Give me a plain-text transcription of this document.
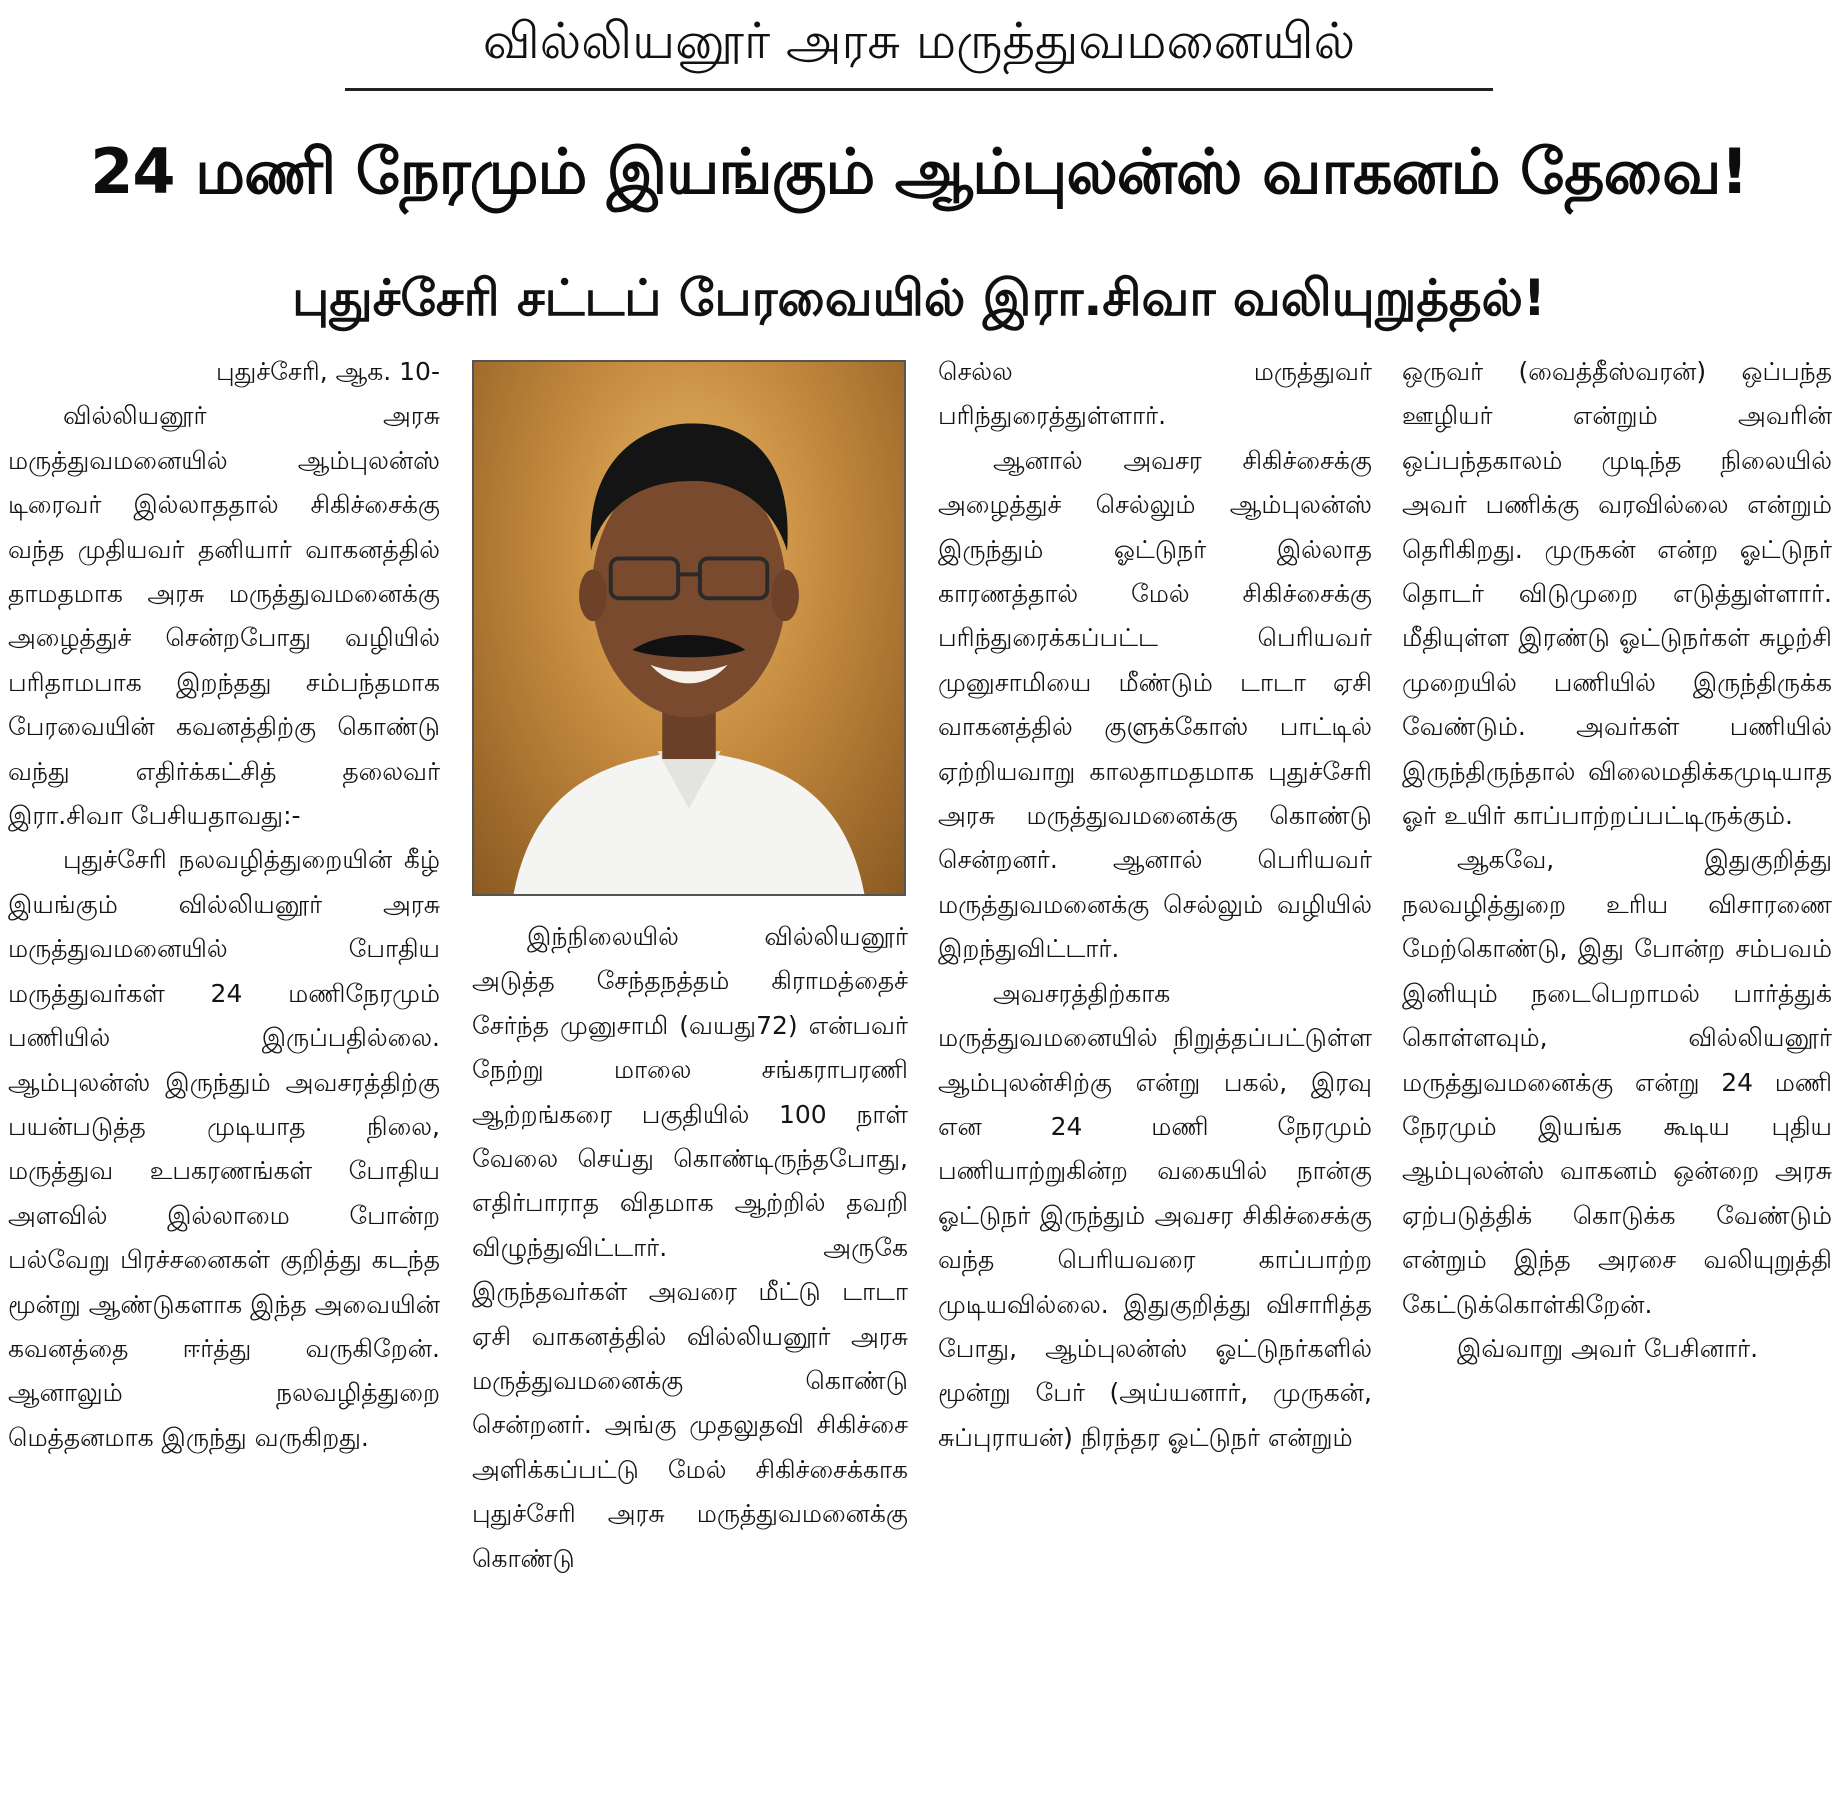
வில்லியனூர் அரசு மருத்துவமனையில்
24 மணி நேரமும் இயங்கும் ஆம்புலன்ஸ் வாகனம் தேவை!
புதுச்சேரி சட்டப் பேரவையில் இரா.சிவா வலியுறுத்தல்!

புதுச்சேரி, ஆக. 10-

வில்லியனூர் அரசு மருத்துவமனையில் ஆம்புலன்ஸ் டிரைவர் இல்லாததால் சிகிச்சைக்கு வந்த முதியவர் தனியார் வாகனத்தில் தாமதமாக அரசு மருத்துவமனைக்கு அழைத்துச் சென்றபோது வழியில் பரிதாமபாக இறந்தது சம்பந்தமாக பேரவையின் கவனத்திற்கு கொண்டு வந்து எதிர்க்கட்சித் தலைவர் இரா.சிவா பேசியதாவது:-

புதுச்சேரி நலவழித்துறையின் கீழ் இயங்கும் வில்லியனூர் அரசு மருத்துவமனையில் போதிய மருத்துவர்கள் 24 மணிநேரமும் பணியில் இருப்பதில்லை. ஆம்புலன்ஸ் இருந்தும் அவசரத்திற்கு பயன்படுத்த முடியாத நிலை, மருத்துவ உபகரணங்கள் போதிய அளவில் இல்லாமை போன்ற பல்வேறு பிரச்சனைகள் குறித்து கடந்த மூன்று ஆண்டுகளாக இந்த அவையின் கவனத்தை ஈர்த்து வருகிறேன். ஆனாலும் நலவழித்துறை மெத்தனமாக இருந்து வருகிறது.

இந்நிலையில் வில்லியனூர் அடுத்த சேந்தநத்தம் கிராமத்தைச் சேர்ந்த முனுசாமி (வயது72) என்பவர் நேற்று மாலை சங்கராபரணி ஆற்றங்கரை பகுதியில் 100 நாள் வேலை செய்து கொண்டிருந்தபோது, எதிர்பாராத விதமாக ஆற்றில் தவறி விழுந்துவிட்டார். அருகே இருந்தவர்கள் அவரை மீட்டு டாடா ஏசி வாகனத்தில் வில்லியனூர் அரசு மருத்துவமனைக்கு கொண்டு சென்றனர். அங்கு முதலுதவி சிகிச்சை அளிக்கப்பட்டு மேல் சிகிச்சைக்காக புதுச்சேரி அரசு மருத்துவமனைக்கு கொண்டு

செல்ல மருத்துவர் பரிந்துரைத்துள்ளார்.

ஆனால் அவசர சிகிச்சைக்கு அழைத்துச் செல்லும் ஆம்புலன்ஸ் இருந்தும் ஓட்டுநர் இல்லாத காரணத்தால் மேல் சிகிச்சைக்கு பரிந்துரைக்கப்பட்ட பெரியவர் முனுசாமியை மீண்டும் டாடா ஏசி வாகனத்தில் குளுக்கோஸ் பாட்டில் ஏற்றியவாறு காலதாமதமாக புதுச்சேரி அரசு மருத்துவமனைக்கு கொண்டு சென்றனர். ஆனால் பெரியவர் மருத்துவமனைக்கு செல்லும் வழியில் இறந்துவிட்டார்.

அவசரத்திற்காக மருத்துவமனையில் நிறுத்தப்பட்டுள்ள ஆம்புலன்சிற்கு என்று பகல், இரவு என 24 மணி நேரமும் பணியாற்றுகின்ற வகையில் நான்கு ஓட்டுநர் இருந்தும் அவசர சிகிச்சைக்கு வந்த பெரியவரை காப்பாற்ற முடியவில்லை. இதுகுறித்து விசாரித்த போது, ஆம்புலன்ஸ் ஓட்டுநர்களில் மூன்று பேர் (அய்யனார், முருகன், சுப்புராயன்) நிரந்தர ஓட்டுநர் என்றும்

ஒருவர் (வைத்தீஸ்வரன்) ஒப்பந்த ஊழியர் என்றும் அவரின் ஒப்பந்தகாலம் முடிந்த நிலையில் அவர் பணிக்கு வரவில்லை என்றும் தெரிகிறது. முருகன் என்ற ஓட்டுநர் தொடர் விடுமுறை எடுத்துள்ளார். மீதியுள்ள இரண்டு ஓட்டுநர்கள் சுழற்சி முறையில் பணியில் இருந்திருக்க வேண்டும். அவர்கள் பணியில் இருந்திருந்தால் விலைமதிக்கமுடியாத ஓர் உயிர் காப்பாற்றப்பட்டிருக்கும்.

ஆகவே, இதுகுறித்து நலவழித்துறை உரிய விசாரணை மேற்கொண்டு, இது போன்ற சம்பவம் இனியும் நடைபெறாமல் பார்த்துக் கொள்ளவும், வில்லியனூர் மருத்துவமனைக்கு என்று 24 மணி நேரமும் இயங்க கூடிய புதிய ஆம்புலன்ஸ் வாகனம் ஒன்றை அரசு ஏற்படுத்திக் கொடுக்க வேண்டும் என்றும் இந்த அரசை வலியுறுத்தி கேட்டுக்கொள்கிறேன்.

இவ்வாறு அவர் பேசினார்.
